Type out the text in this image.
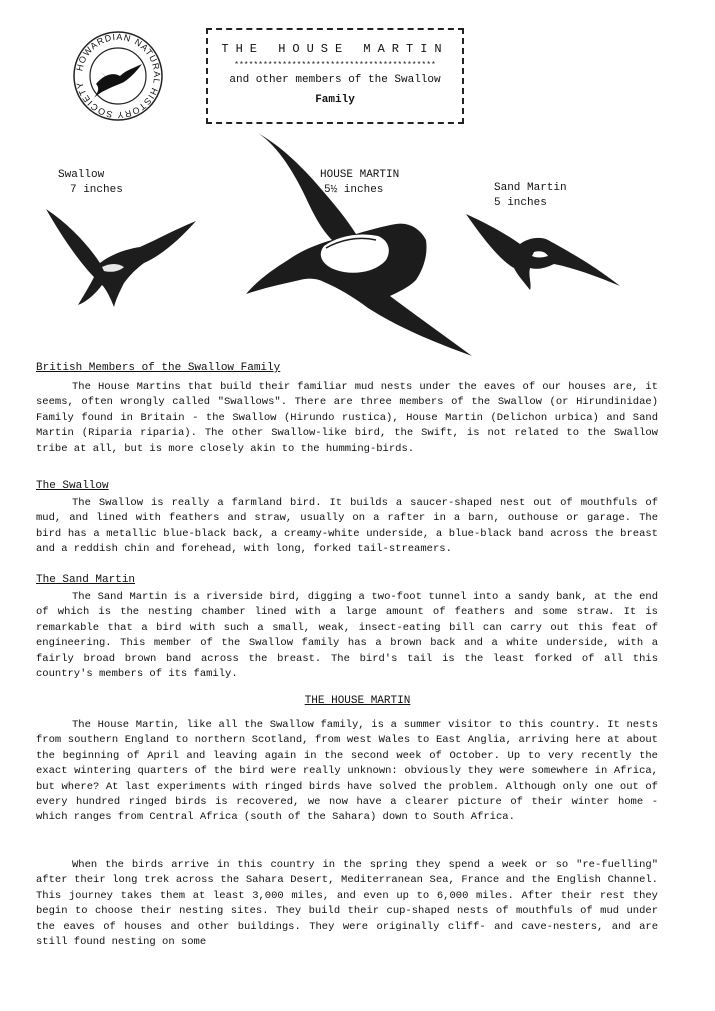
HOWARDIAN NATURAL HISTORY SOCIETY
THE HOUSE MARTIN
******************************************
and other members of the Swallow
Family
Swallow
7 inches
HOUSE MARTIN
5½ inches	Sand Martin
5 inches
British Members of the Swallow Family

The House Martins that build their familiar mud nests under the eaves of our houses are, it seems, often wrongly called "Swallows". There are three members of the Swallow (or Hirundinidae) Family found in Britain - the Swallow (Hirundo rustica), House Martin (Delichon urbica) and Sand Martin (Riparia riparia). The other Swallow-like bird, the Swift, is not related to the Swallow tribe at all, but is more closely akin to the humming-birds.

The Swallow

The Swallow is really a farmland bird. It builds a saucer-shaped nest out of mouthfuls of mud, and lined with feathers and straw, usually on a rafter in a barn, outhouse or garage. The bird has a metallic blue-black back, a creamy-white underside, a blue-black band across the breast and a reddish chin and forehead, with long, forked tail-streamers.

The Sand Martin

The Sand Martin is a riverside bird, digging a two-foot tunnel into a sandy bank, at the end of which is the nesting chamber lined with a large amount of feathers and some straw. It is remarkable that a bird with such a small, weak, insect-eating bill can carry out this feat of engineering. This member of the Swallow family has a brown back and a white underside, with a fairly broad brown band across the breast. The bird's tail is the least forked of all this country's members of its family.

THE HOUSE MARTIN

The House Martin, like all the Swallow family, is a summer visitor to this country. It nests from southern England to northern Scotland, from west Wales to East Anglia, arriving here at about the beginning of April and leaving again in the second week of October. Up to very recently the exact wintering quarters of the bird were really unknown: obviously they were somewhere in Africa, but where? At last experiments with ringed birds have solved the problem. Although only one out of every hundred ringed birds is recovered, we now have a clearer picture of their winter home - which ranges from Central Africa (south of the Sahara) down to South Africa.

When the birds arrive in this country in the spring they spend a week or so "re-fuelling" after their long trek across the Sahara Desert, Mediterranean Sea, France and the English Channel. This journey takes them at least 3,000 miles, and even up to 6,000 miles. After their rest they begin to choose their nesting sites. They build their cup-shaped nests of mouthfuls of mud under the eaves of houses and other buildings. They were originally cliff- and cave-nesters, and are still found nesting on some
